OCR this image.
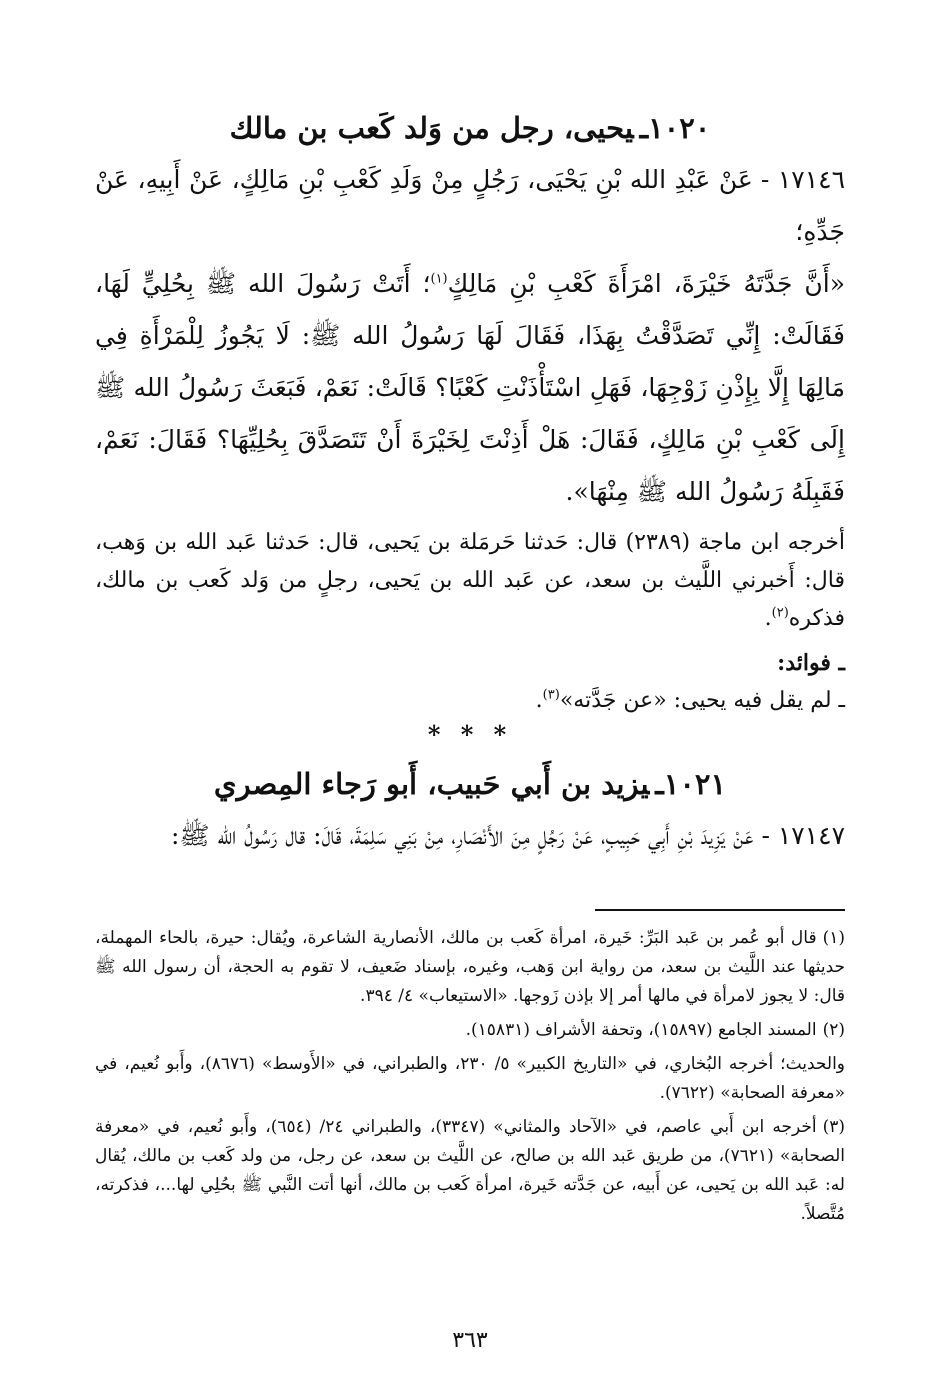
١٠٢٠ـيحيى، رجل من وَلد كَعب بن مالك

١٧١٤٦ -عَنْ عَبْدِ الله بْنِ يَحْيَى، رَجُلٍ مِنْ وَلَدِ كَعْبِ بْنِ مَالِكٍ، عَنْ أَبِيهِ، عَنْ جَدِّهِ؛

«أَنَّ جَدَّتَهُ خَيْرَةَ، امْرَأَةَ كَعْبِ بْنِ مَالِكٍ$^{(١)}$؛ أَتَتْ رَسُولَ الله ﷺ بِحُلِيٍّ لَهَا، فَقَالَتْ: إِنِّي تَصَدَّقْتُ بِهَذَا، فَقَالَ لَهَا رَسُولُ الله ﷺ: لَا يَجُوزُ لِلْمَرْأَةِ فِي مَالِهَا إِلَّا بِإِذْنِ زَوْجِهَا، فَهَلِ اسْتَأْذَنْتِ كَعْبًا؟ قَالَتْ: نَعَمْ، فَبَعَثَ رَسُولُ الله ﷺ إِلَى كَعْبِ بْنِ مَالِكٍ، فَقَالَ: هَلْ أَذِنْتَ لِخَيْرَةَ أَنْ تَتَصَدَّقَ بِحُلِيِّهَا؟ فَقَالَ: نَعَمْ، فَقَبِلَهُ رَسُولُ الله ﷺ مِنْهَا».

أخرجه ابن ماجة (٢٣٨٩) قال: حَدثنا حَرمَلة بن يَحيى، قال: حَدثنا عَبد الله بن وَهب، قال: أَخبرني اللَّيث بن سعد، عن عَبد الله بن يَحيى، رجلٍ من وَلد كَعب بن مالك، فذكره$^{(٢)}$.

ـ فوائد:

ـ لم يقل فيه يحيى: «عن جَدَّته»$^{(٣)}$.

* * *

١٠٢١ـيزيد بن أَبي حَبيب، أَبو رَجاء المِصري

١٧١٤٧ -عَنْ يَزِيدَ بْنِ أَبِي حَبِيبٍ، عَنْ رَجُلٍ مِنَ الأَنْصَارِ، مِنْ بَنِي سَلِمَةَ، قَالَ: قال رَسُولُ الله ﷺ:

(١)قال أبو عُمر بن عَبد البَرِّ: خَيرة، امرأة كَعب بن مالك، الأنصارية الشاعرة، ويُقال: حيرة، بالحاء المهملة، حديثها عند اللَّيث بن سعد، من رواية ابن وَهب، وغيره، بإسناد ضَعيف، لا تقوم به الحجة، أن رسول الله ﷺ قال: لا يجوز لامرأة في مالها أمر إلا بإذن زَوجها. «الاستيعاب» ٤/ ٣٩٤.

(٢)المسند الجامع (١٥٨٩٧)، وتحفة الأشراف (١٥٨٣١).

والحديث؛ أخرجه البُخاري، في «التاريخ الكبير» ٥/ ٢٣٠، والطبراني، في «الأَوسط» (٨٦٧٦)، وأَبو نُعيم، في «معرفة الصحابة» (٧٦٢٢).

(٣)أخرجه ابن أَبي عاصم، في «الآحاد والمثاني» (٣٣٤٧)، والطبراني ٢٤/ (٦٥٤)، وأَبو نُعيم، في «معرفة الصحابة» (٧٦٢١)، من طريق عَبد الله بن صالح، عن اللَّيث بن سعد، عن رجل، من ولد كَعب بن مالك، يُقال له: عَبد الله بن يَحيى، عن أَبيه، عن جَدَّته خَيرة، امرأة كَعب بن مالك، أنها أتت النَّبي ﷺ بحُلِي لها...، فذكرته، مُتَّصلاً.

٣٦٣
